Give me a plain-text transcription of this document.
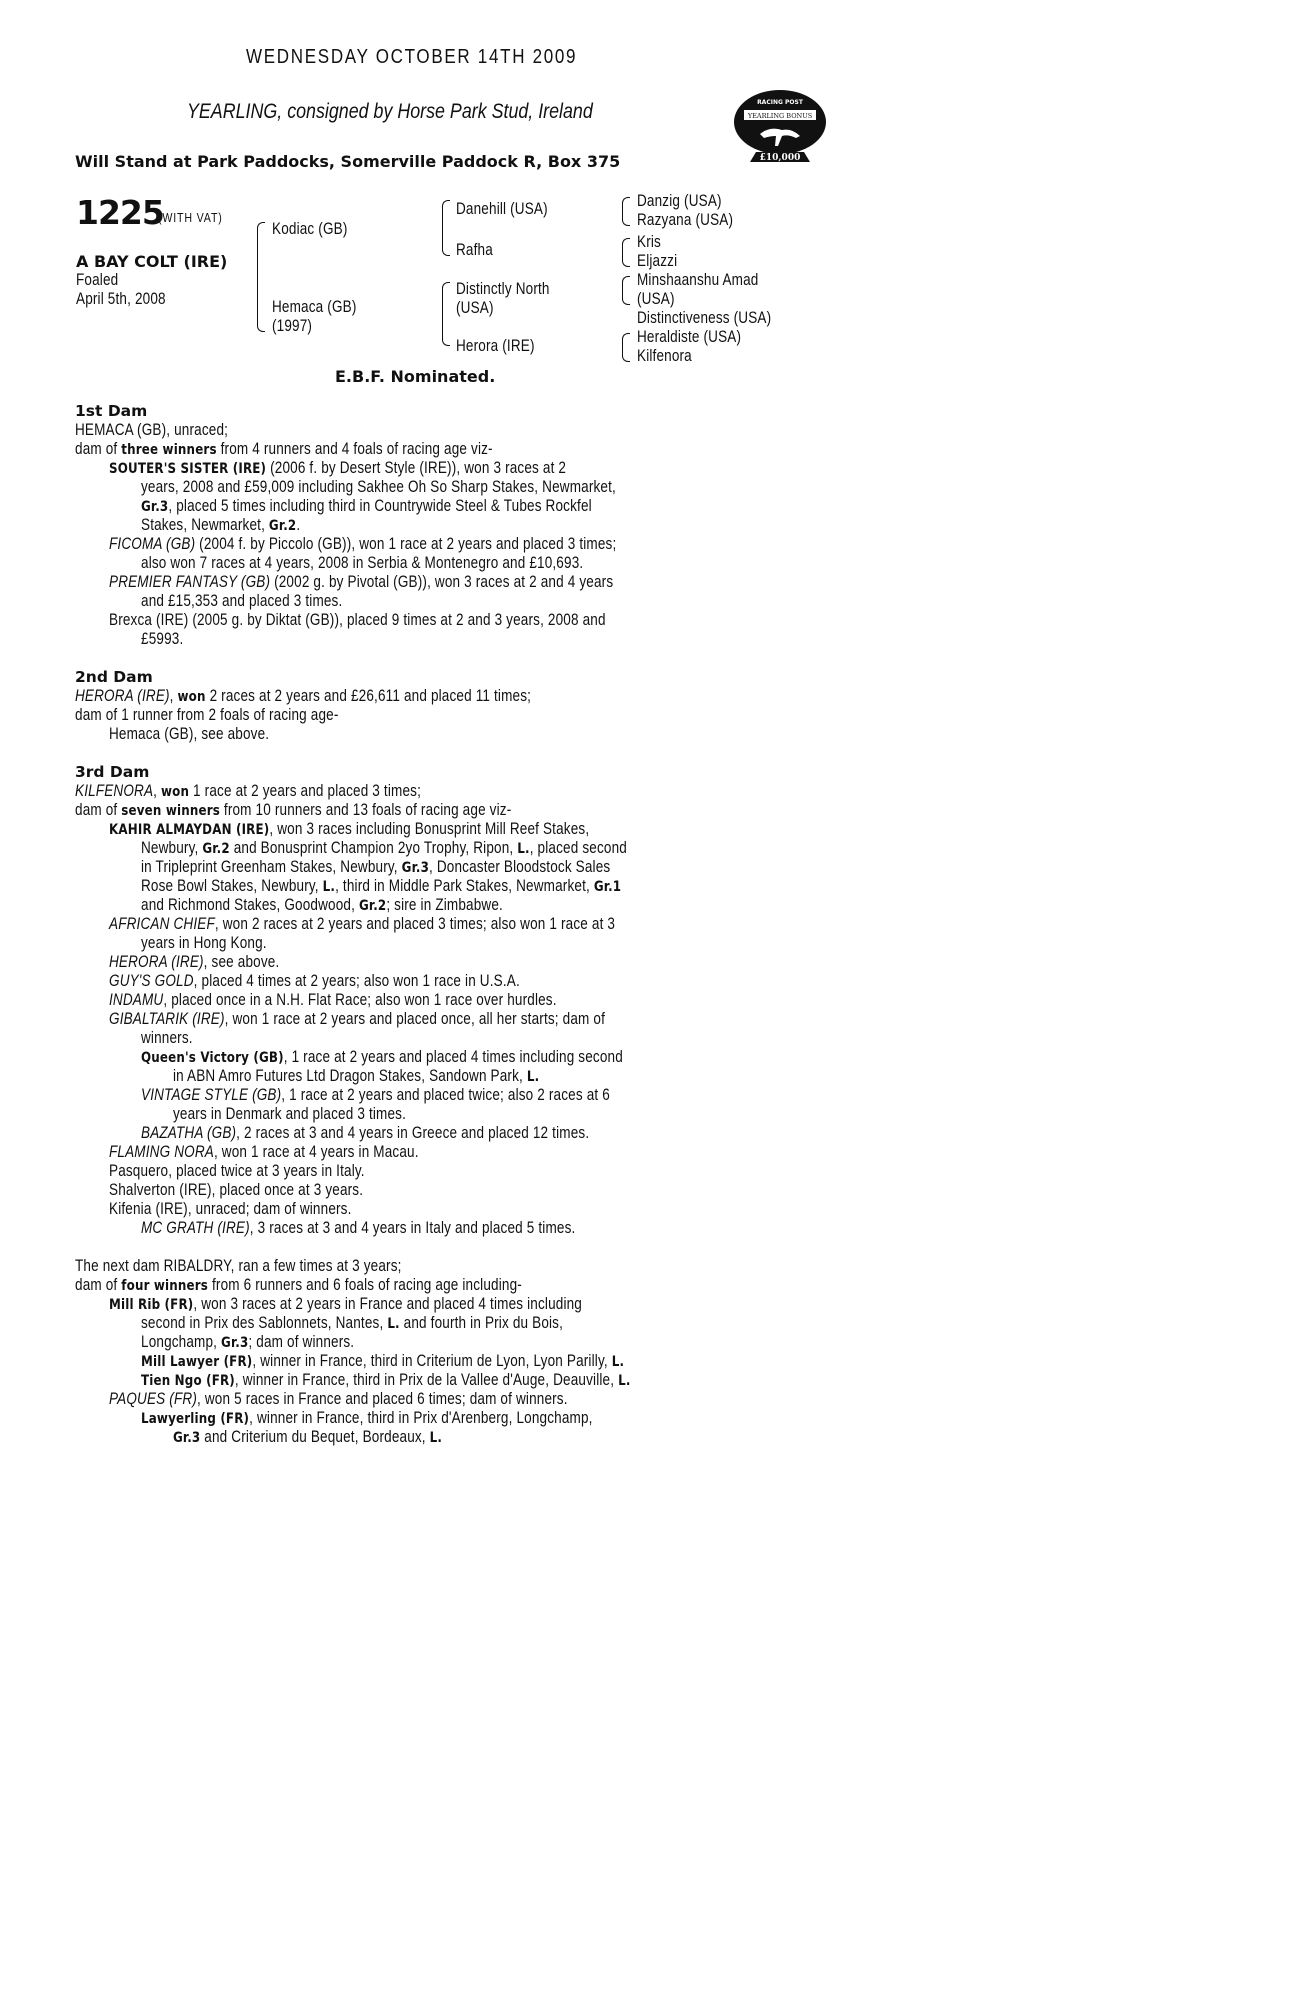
WEDNESDAY OCTOBER 14TH 2009
YEARLING, consigned by Horse Park Stud, Ireland
Will Stand at Park Paddocks, Somerville Paddock R, Box 375
RACING POST
YEARLING BONUS
£10,000
1225
(WITH VAT)
A BAY COLT (IRE)
Foaled
April 5th, 2008
Kodiac (GB)
Hemaca (GB)
(1997)
Danehill (USA)
Rafha
Distinctly North
(USA)
Herora (IRE)
Danzig (USA)
Razyana (USA)
Kris
Eljazzi
Minshaanshu Amad
(USA)
Distinctiveness (USA)
Heraldiste (USA)
Kilfenora
E.B.F. Nominated.
1st Dam
HEMACA (GB), unraced;
dam of three winners from 4 runners and 4 foals of racing age viz-
SOUTER'S SISTER (IRE) (2006 f. by Desert Style (IRE)), won 3 races at 2
years, 2008 and £59,009 including Sakhee Oh So Sharp Stakes, Newmarket,
Gr.3, placed 5 times including third in Countrywide Steel & Tubes Rockfel
Stakes, Newmarket, Gr.2.
FICOMA (GB) (2004 f. by Piccolo (GB)), won 1 race at 2 years and placed 3 times;
also won 7 races at 4 years, 2008 in Serbia & Montenegro and £10,693.
PREMIER FANTASY (GB) (2002 g. by Pivotal (GB)), won 3 races at 2 and 4 years
and £15,353 and placed 3 times.
Brexca (IRE) (2005 g. by Diktat (GB)), placed 9 times at 2 and 3 years, 2008 and
£5993.
2nd Dam
HERORA (IRE), won 2 races at 2 years and £26,611 and placed 11 times;
dam of 1 runner from 2 foals of racing age-
Hemaca (GB), see above.
3rd Dam
KILFENORA, won 1 race at 2 years and placed 3 times;
dam of seven winners from 10 runners and 13 foals of racing age viz-
KAHIR ALMAYDAN (IRE), won 3 races including Bonusprint Mill Reef Stakes,
Newbury, Gr.2 and Bonusprint Champion 2yo Trophy, Ripon, L., placed second
in Tripleprint Greenham Stakes, Newbury, Gr.3, Doncaster Bloodstock Sales
Rose Bowl Stakes, Newbury, L., third in Middle Park Stakes, Newmarket, Gr.1
and Richmond Stakes, Goodwood, Gr.2; sire in Zimbabwe.
AFRICAN CHIEF, won 2 races at 2 years and placed 3 times; also won 1 race at 3
years in Hong Kong.
HERORA (IRE), see above.
GUY'S GOLD, placed 4 times at 2 years; also won 1 race in U.S.A.
INDAMU, placed once in a N.H. Flat Race; also won 1 race over hurdles.
GIBALTARIK (IRE), won 1 race at 2 years and placed once, all her starts; dam of
winners.
Queen's Victory (GB), 1 race at 2 years and placed 4 times including second
in ABN Amro Futures Ltd Dragon Stakes, Sandown Park, L.
VINTAGE STYLE (GB), 1 race at 2 years and placed twice; also 2 races at 6
years in Denmark and placed 3 times.
BAZATHA (GB), 2 races at 3 and 4 years in Greece and placed 12 times.
FLAMING NORA, won 1 race at 4 years in Macau.
Pasquero, placed twice at 3 years in Italy.
Shalverton (IRE), placed once at 3 years.
Kifenia (IRE), unraced; dam of winners.
MC GRATH (IRE), 3 races at 3 and 4 years in Italy and placed 5 times.
The next dam RIBALDRY, ran a few times at 3 years;
dam of four winners from 6 runners and 6 foals of racing age including-
Mill Rib (FR), won 3 races at 2 years in France and placed 4 times including
second in Prix des Sablonnets, Nantes, L. and fourth in Prix du Bois,
Longchamp, Gr.3; dam of winners.
Mill Lawyer (FR), winner in France, third in Criterium de Lyon, Lyon Parilly, L.
Tien Ngo (FR), winner in France, third in Prix de la Vallee d'Auge, Deauville, L.
PAQUES (FR), won 5 races in France and placed 6 times; dam of winners.
Lawyerling (FR), winner in France, third in Prix d'Arenberg, Longchamp,
Gr.3 and Criterium du Bequet, Bordeaux, L.
